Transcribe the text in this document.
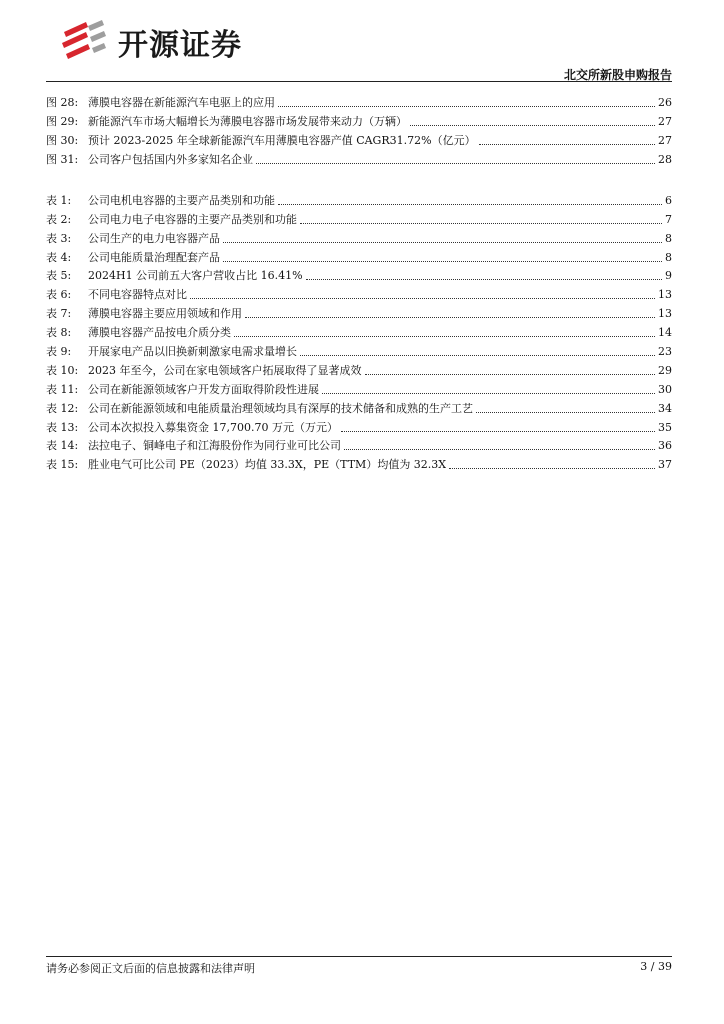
开源证券
北交所新股申购报告
图 28: 薄膜电容器在新能源汽车电驱上的应用	26
图 29: 新能源汽车市场大幅增长为薄膜电容器市场发展带来动力（万辆）	27
图 30: 预计 2023-2025 年全球新能源汽车用薄膜电容器产值 CAGR31.72%（亿元）	27
图 31: 公司客户包括国内外多家知名企业	28
表 1:	公司电机电容器的主要产品类别和功能	6
表 2:	公司电力电子电容器的主要产品类别和功能	7
表 3:	公司生产的电力电容器产品	8
表 4:	公司电能质量治理配套产品	8
表 5:	2024H1 公司前五大客户营收占比 16.41%	9
表 6:	不同电容器特点对比	13
表 7:	薄膜电容器主要应用领域和作用	13
表 8:	薄膜电容器产品按电介质分类	14
表 9:	开展家电产品以旧换新刺激家电需求量增长	23
表 10: 2023 年至今，公司在家电领域客户拓展取得了显著成效	29
表 11: 公司在新能源领域客户开发方面取得阶段性进展	30
表 12: 公司在新能源领域和电能质量治理领域均具有深厚的技术储备和成熟的生产工艺	34
表 13: 公司本次拟投入募集资金 17,700.70 万元（万元）	35
表 14: 法拉电子、铜峰电子和江海股份作为同行业可比公司	36
表 15: 胜业电气可比公司 PE（2023）均值 33.3X，PE（TTM）均值为 32.3X	37
请务必参阅正文后面的信息披露和法律声明	3 / 39
